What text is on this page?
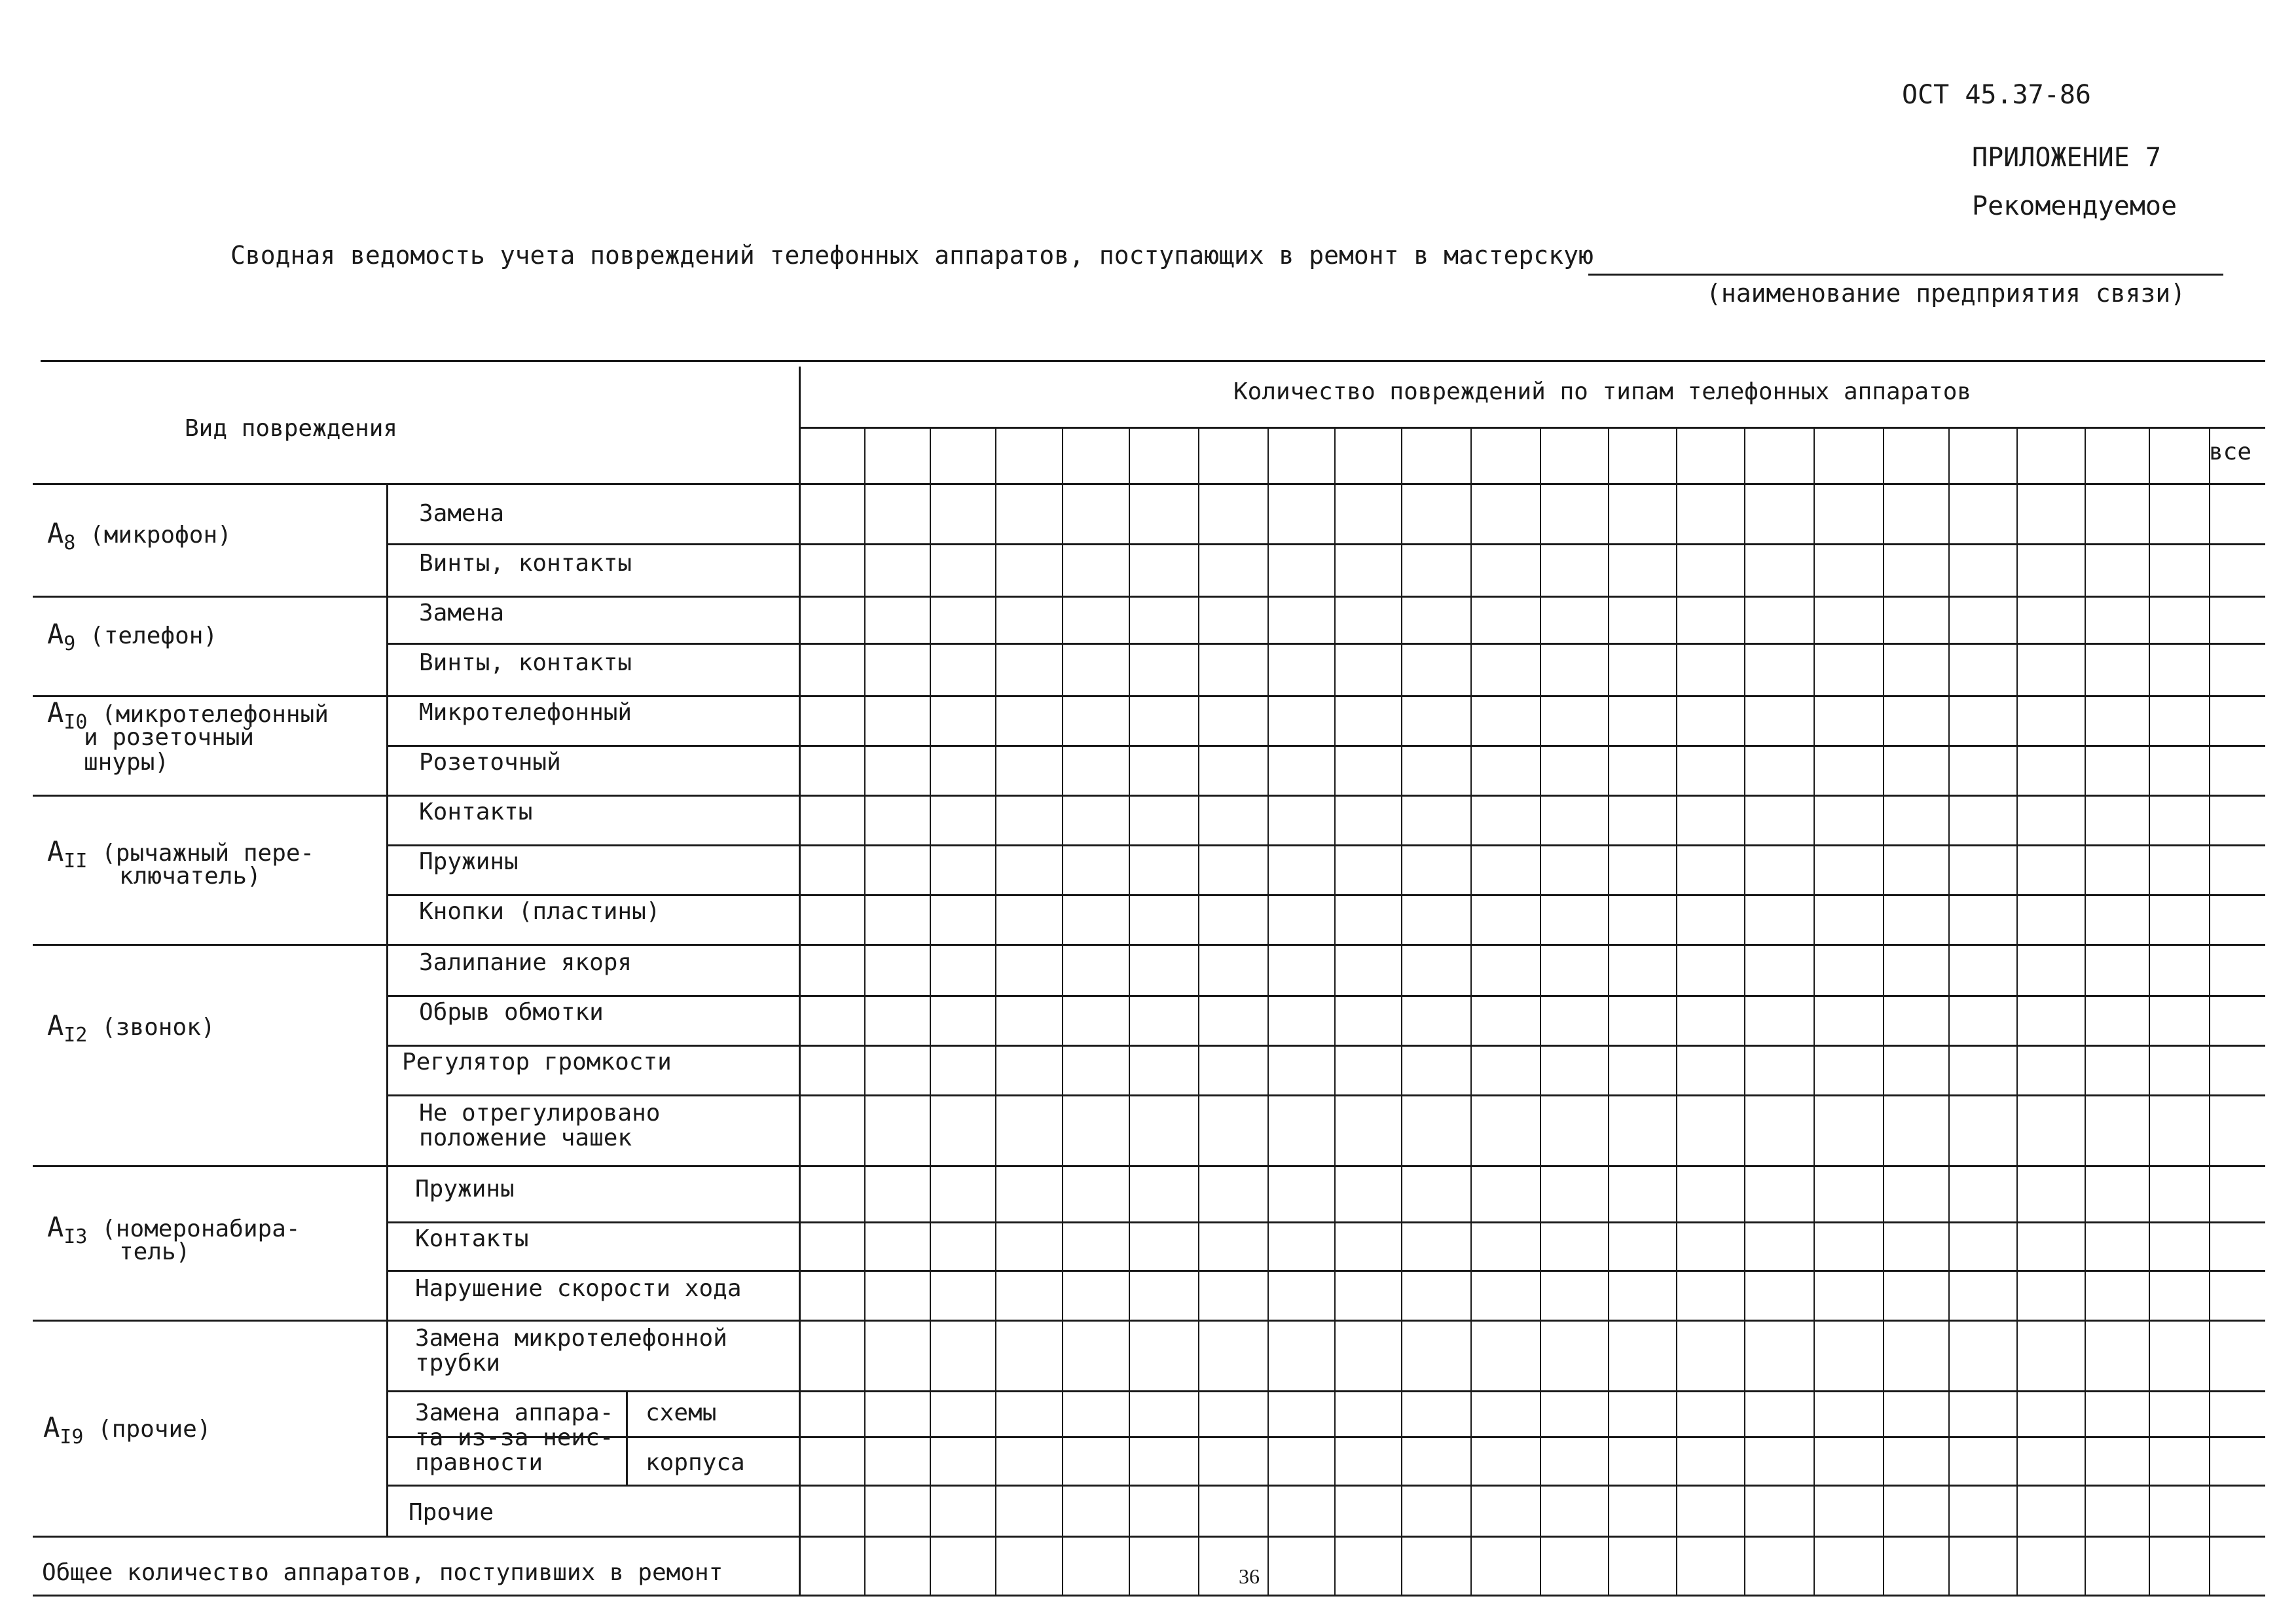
ОСТ 45.37-86
ПРИЛОЖЕНИЕ 7
Рекомендуемое
Сводная ведомость учета повреждений телефонных аппаратов, поступающих в ремонт в мастерскую
(наименование предприятия связи)
Вид повреждения
Количество повреждений по типам телефонных аппаратов
все
$A_8$ (микрофон)
Замена
Винты, контакты
$A_9$ (телефон)
Замена
Винты, контакты
$A_{I0}$ (микротелефонный
и розеточный
шнуры)
Микротелефонный
Розеточный
$A_{II}$ (рычажный пере-
ключатель)
Контакты
Пружины
Кнопки (пластины)
$A_{I2}$ (звонок)
Залипание якоря
Обрыв обмотки
Регулятор громкости
Не отрегулировано
положение чашек
$A_{I3}$ (номеронабира-
тель)
Пружины
Контакты
Нарушение скорости хода
$A_{I9}$ (прочие)
Замена микротелефонной
трубки
Замена аппара-
та из-за неис-
правности
схемы
корпуса
Прочие
Общее количество аппаратов, поступивших в ремонт	36
